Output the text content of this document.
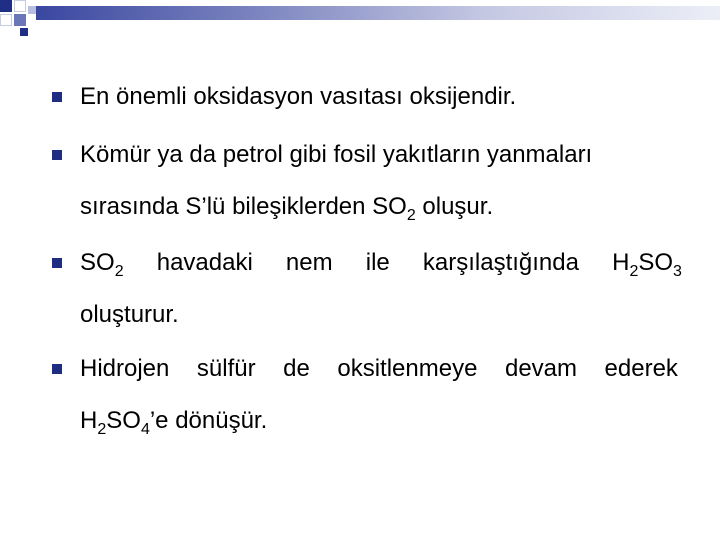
En önemli oksidasyon vasıtası oksijendir.
Kömür ya da petrol gibi fosil yakıtların yanmaları
sırasında S’lü bileşiklerden $SO_2$ oluşur.
$SO_2$ havadaki nem ile karşılaştığında $H_2SO_3$
oluşturur.
Hidrojen sülfür de oksitlenmeye devam ederek
$H_2SO_4’e$ dönüşür.
